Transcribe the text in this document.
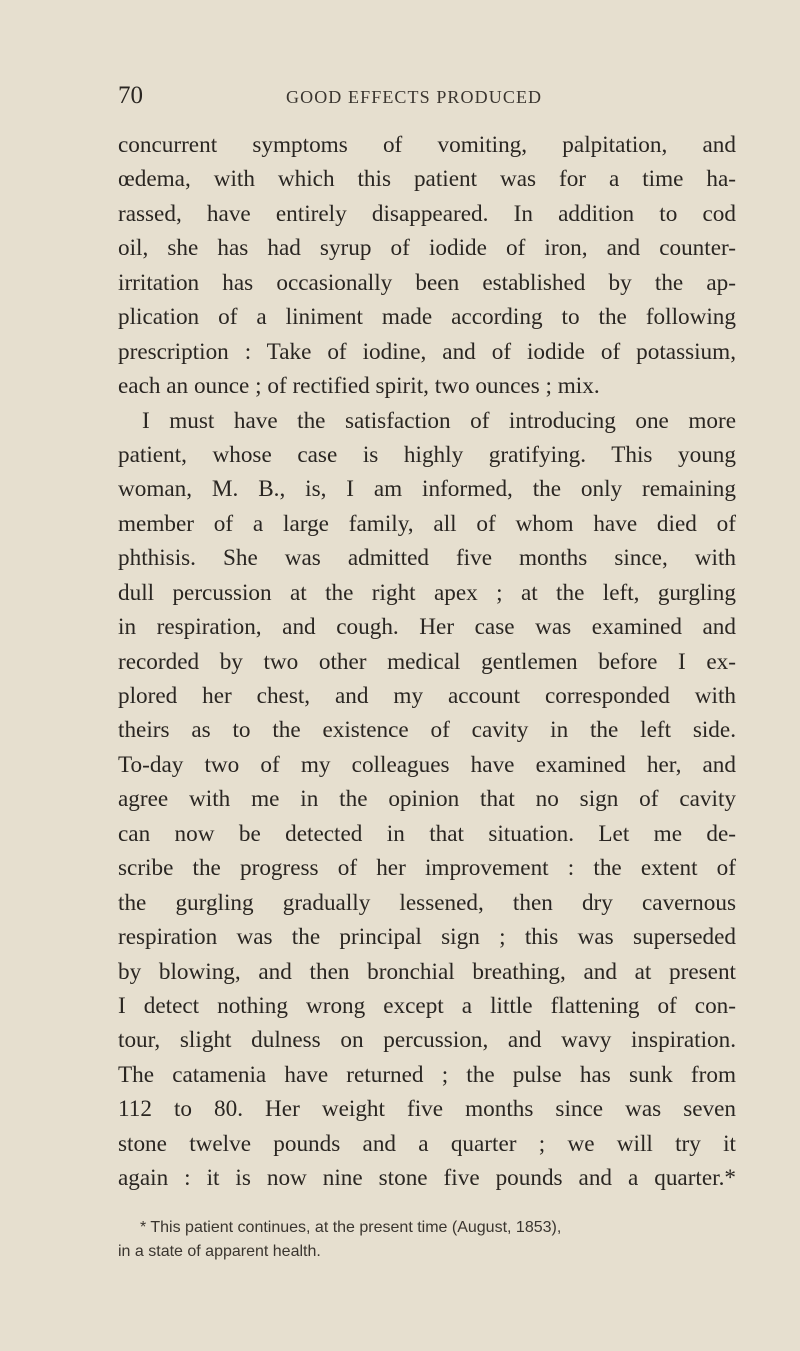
70	GOOD EFFECTS PRODUCED
concurrent symptoms of vomiting, palpitation, and
œdema, with which this patient was for a time ha-
rassed, have entirely disappeared. In addition to cod
oil, she has had syrup of iodide of iron, and counter-
irritation has occasionally been established by the ap-
plication of a liniment made according to the following
prescription : Take of iodine, and of iodide of potassium,
each an ounce ; of rectified spirit, two ounces ; mix.
I must have the satisfaction of introducing one more
patient, whose case is highly gratifying. This young
woman, M. B., is, I am informed, the only remaining
member of a large family, all of whom have died of
phthisis. She was admitted five months since, with
dull percussion at the right apex ; at the left, gurgling
in respiration, and cough. Her case was examined and
recorded by two other medical gentlemen before I ex-
plored her chest, and my account corresponded with
theirs as to the existence of cavity in the left side.
To-day two of my colleagues have examined her, and
agree with me in the opinion that no sign of cavity
can now be detected in that situation. Let me de-
scribe the progress of her improvement : the extent of
the gurgling gradually lessened, then dry cavernous
respiration was the principal sign ; this was superseded
by blowing, and then bronchial breathing, and at present
I detect nothing wrong except a little flattening of con-
tour, slight dulness on percussion, and wavy inspiration.
The catamenia have returned ; the pulse has sunk from
112 to 80. Her weight five months since was seven
stone twelve pounds and a quarter ; we will try it
again : it is now nine stone five pounds and a quarter.*
* This patient continues, at the present time (August, 1853),
in a state of apparent health.
